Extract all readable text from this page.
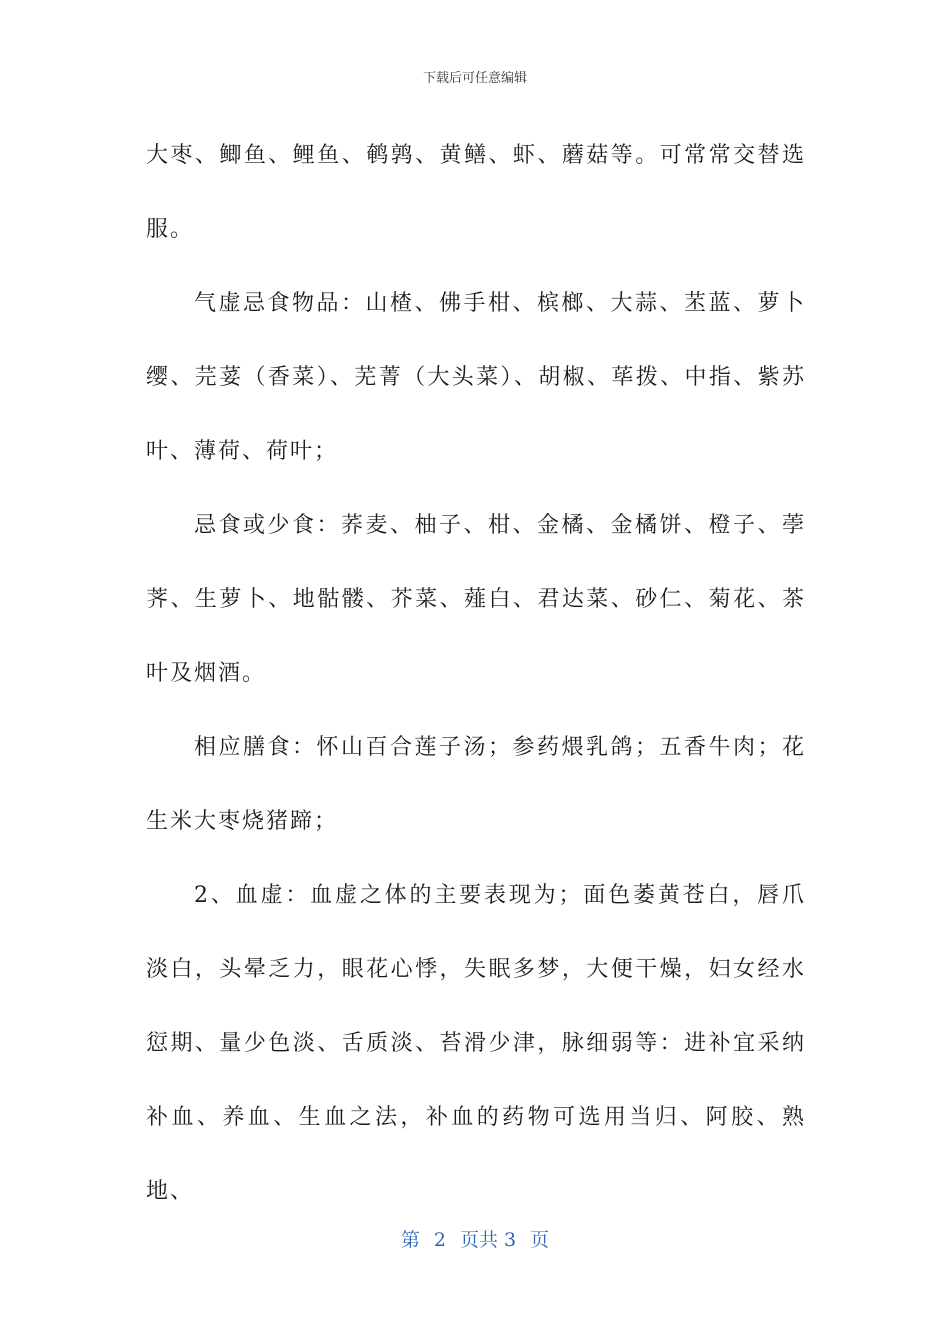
下载后可任意编辑

大枣、鲫鱼、鲤鱼、鹌鹑、黄鳝、虾、蘑菇等。可常常交替选服。

气虚忌食物品：山楂、佛手柑、槟榔、大蒜、苤蓝、萝卜缨、芫荽（香菜）、芜菁（大头菜）、胡椒、荜拨、中指、紫苏叶、薄荷、荷叶；

忌食或少食：荞麦、柚子、柑、金橘、金橘饼、橙子、荸荠、生萝卜、地骷髅、芥菜、薤白、君达菜、砂仁、菊花、茶叶及烟酒。

相应膳食：怀山百合莲子汤；参药煨乳鸽；五香牛肉；花生米大枣烧猪蹄；

2、血虚：血虚之体的主要表现为；面色萎黄苍白，唇爪淡白，头晕乏力，眼花心悸，失眠多梦，大便干燥，妇女经水愆期、量少色淡、舌质淡、苔滑少津，脉细弱等：进补宜采纳补血、养血、生血之法，补血的药物可选用当归、阿胶、熟地、

第 2 页共 3 页
